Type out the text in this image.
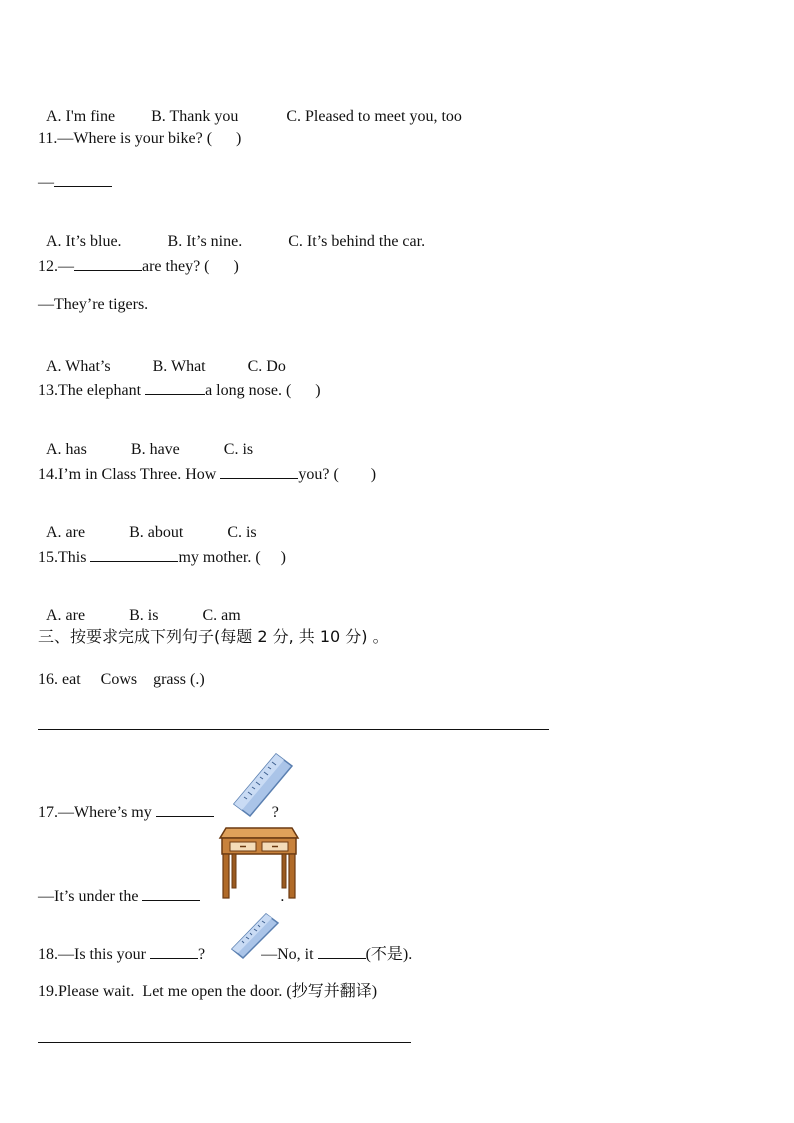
A. I'm fine B. Thank you	C. Pleased to meet you, too

11.—Where is your bike? (      )
—

A. It’s blue.	B. It’s nine.	C. It’s behind the car.

12.—	are they? (      )
—They’re tigers.

A. What’s	B. What	C. Do

13.The elephant	a long nose. (      )

A. has	B. have	C. is

14.I’m in Class Three. How	you? (        )

A. are	B. about	C. is

15.This	my mother. (     )

A. are	B. is	C. am

三、按要求完成下列句子(每题 2 分, 共 10 分) 。
16. eat     Cows    grass (.)
17.—Where’s my	?
—It’s under the	.
18.—Is this your	?	—No, it	(不是).
19.Please wait.  Let me open the door. (抄写并翻译)
